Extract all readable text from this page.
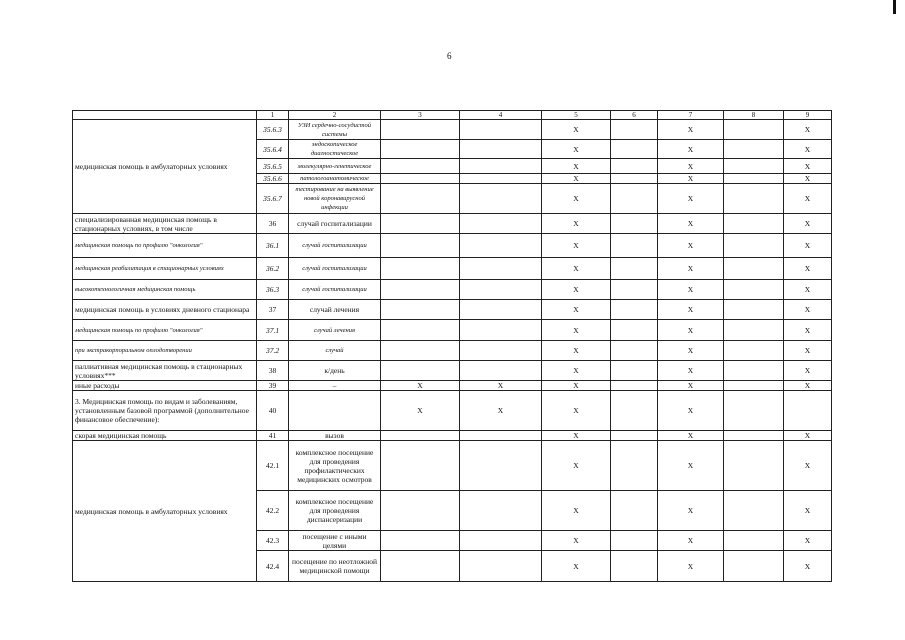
6
	1	2	3	4	5	6	7	8	9
медицинская помощь в амбулаторных условиях	35.6.3	УЗИ сердечно-сосудистой системы			X		X		X
	35.6.4	эндоскопическое диагностическое			X		X		X
	35.6.5	молекулярно-генетическое			X		X		X
	35.6.6	патологоанатомическое			X		X		X
	35.6.7	тестирование на выявление новой коронавирусной инфекции			X		X		X
специализированная медицинская помощь в стационарных условиях, в том числе	36	случай госпитализации			X		X		X
медицинская помощь по профилю "онкология"	36.1	случай госпитализации			X		X		X
медицинская реабилитация в стационарных условиях	36.2	случай госпитализации			X		X		X
высокотехнологичная медицинская помощь	36.3	случай госпитализации			X		X		X
медицинская помощь в условиях дневного стационара	37	случай лечения			X		X		X
медицинская помощь по профилю "онкология"	37.1	случай лечения			X		X		X
при экстракорпоральном оплодотворении	37.2	случай			X		X		X
паллиативная медицинская помощь в стационарных условиях***	38	к/день			X		X		X
иные расходы	39	–	X	X	X		X		X
3. Медицинская помощь по видам и заболеваниям, установленным базовой программой (дополнительное финансовое обеспечение):	40		X	X	X		X		
скорая медицинская помощь	41	вызов			X		X		X
медицинская помощь в амбулаторных условиях	42.1	комплексное посещение для проведения профилактических медицинских осмотров			X		X		X
	42.2	комплексное посещение для проведения диспансеризации			X		X		X
	42.3	посещение с иными целями			X		X		X
	42.4	посещение по неотложной медицинской помощи			X		X		X
